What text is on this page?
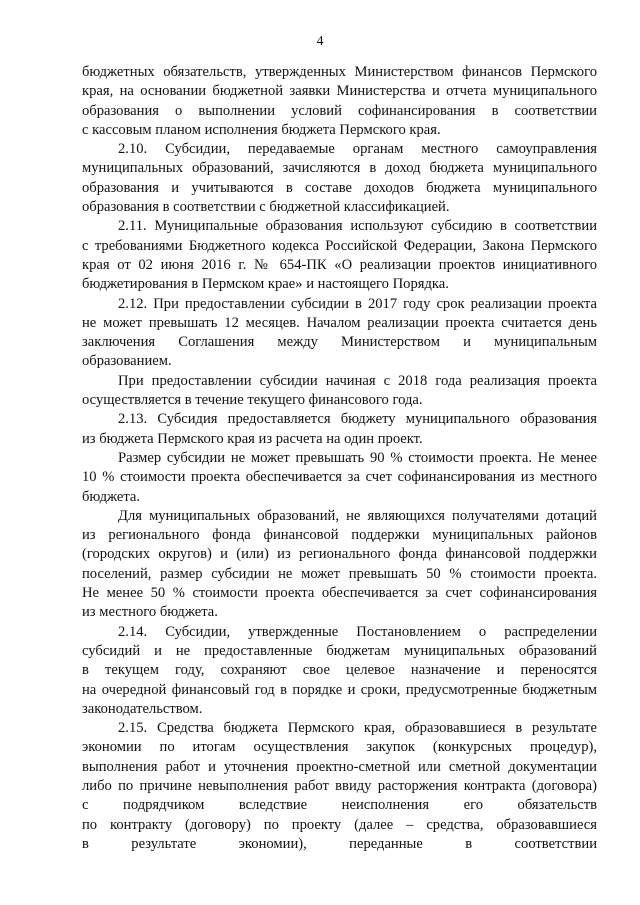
4
бюджетных обязательств, утвержденных Министерством финансов Пермского
края, на основании бюджетной заявки Министерства и отчета муниципального
образования о выполнении условий софинансирования в соответствии
с кассовым планом исполнения бюджета Пермского края.
2.10. Субсидии, передаваемые органам местного самоуправления
муниципальных образований, зачисляются в доход бюджета муниципального
образования и учитываются в составе доходов бюджета муниципального
образования в соответствии с бюджетной классификацией.
2.11. Муниципальные образования используют субсидию в соответствии
с требованиями Бюджетного кодекса Российской Федерации, Закона Пермского
края от 02 июня 2016 г. № 654-ПК «О реализации проектов инициативного
бюджетирования в Пермском крае» и настоящего Порядка.
2.12. При предоставлении субсидии в 2017 году срок реализации проекта
не может превышать 12 месяцев. Началом реализации проекта считается день
заключения Соглашения между Министерством и муниципальным
образованием.
При предоставлении субсидии начиная с 2018 года реализация проекта
осуществляется в течение текущего финансового года.
2.13. Субсидия предоставляется бюджету муниципального образования
из бюджета Пермского края из расчета на один проект.
Размер субсидии не может превышать 90 % стоимости проекта. Не менее
10 % стоимости проекта обеспечивается за счет софинансирования из местного
бюджета.
Для муниципальных образований, не являющихся получателями дотаций
из регионального фонда финансовой поддержки муниципальных районов
(городских округов) и (или) из регионального фонда финансовой поддержки
поселений, размер субсидии не может превышать 50 % стоимости проекта.
Не менее 50 % стоимости проекта обеспечивается за счет софинансирования
из местного бюджета.
2.14. Субсидии, утвержденные Постановлением о распределении
субсидий и не предоставленные бюджетам муниципальных образований
в текущем году, сохраняют свое целевое назначение и переносятся
на очередной финансовый год в порядке и сроки, предусмотренные бюджетным
законодательством.
2.15. Средства бюджета Пермского края, образовавшиеся в результате
экономии по итогам осуществления закупок (конкурсных процедур),
выполнения работ и уточнения проектно-сметной или сметной документации
либо по причине невыполнения работ ввиду расторжения контракта (договора)
с подрядчиком вследствие неисполнения его обязательств
по контракту (договору) по проекту (далее – средства, образовавшиеся
в результате экономии), переданные в соответствии
